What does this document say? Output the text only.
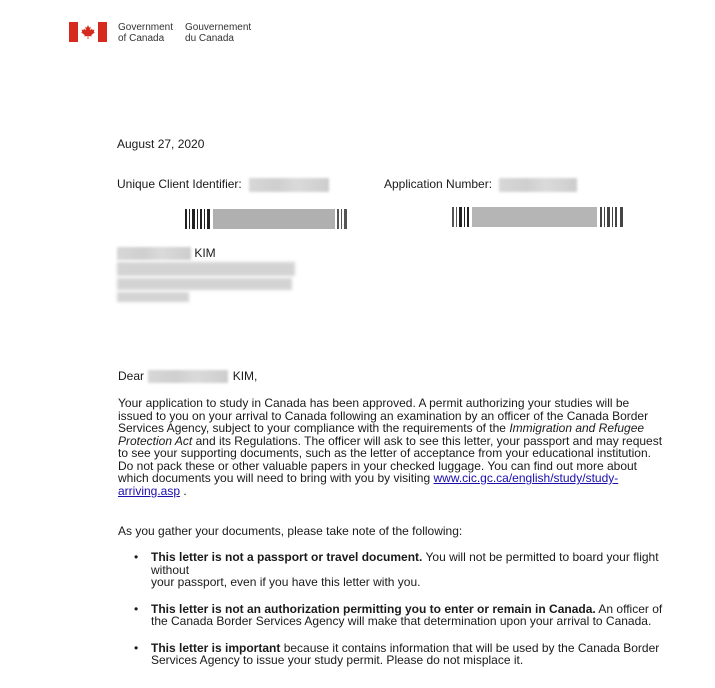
Government
of Canada
Gouvernement
du Canada
August 27, 2020
Unique Client Identifier:	Application Number:
KIM
Dear	KIM,
Your application to study in Canada has been approved. A permit authorizing your studies will be issued to you on your arrival to Canada following an examination by an officer of the Canada Border Services Agency, subject to your compliance with the requirements of the Immigration and Refugee Protection Act and its Regulations. The officer will ask to see this letter, your passport and may request to see your supporting documents, such as the letter of acceptance from your educational institution. Do not pack these or other valuable papers in your checked luggage. You can find out more about which documents you will need to bring with you by visiting www.cic.gc.ca/english/study/study-arriving.asp .
As you gather your documents, please take note of the following:
• This letter is not a passport or travel document. You will not be permitted to board your flight without
your passport, even if you have this letter with you.
• This letter is not an authorization permitting you to enter or remain in Canada. An officer of the Canada Border Services Agency will make that determination upon your arrival to Canada.
• This letter is important because it contains information that will be used by the Canada Border Services Agency to issue your study permit. Please do not misplace it.
